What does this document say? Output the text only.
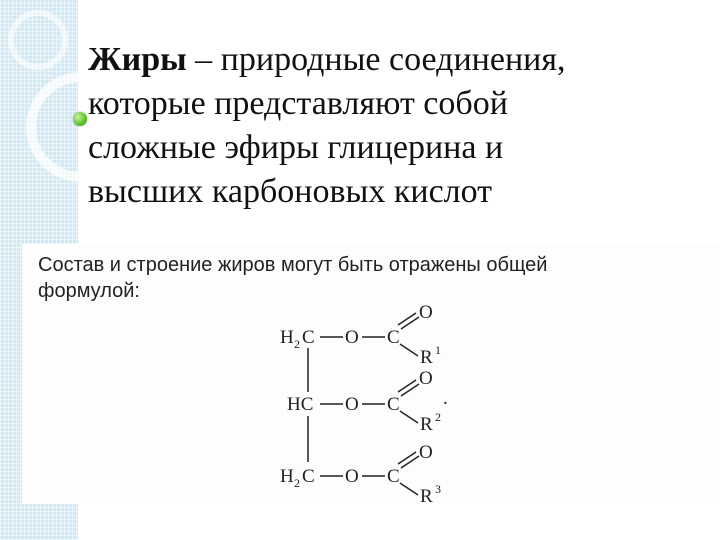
Жиры – природные соединения,
которые представляют собой
сложные эфиры глицерина и
высших карбоновых кислот
Состав и строение жиров могут быть отражены общей
формулой:
H 2 C O C
O
R 1
HC O C
O
R 2
.
H 2 C O C
O
R 3
